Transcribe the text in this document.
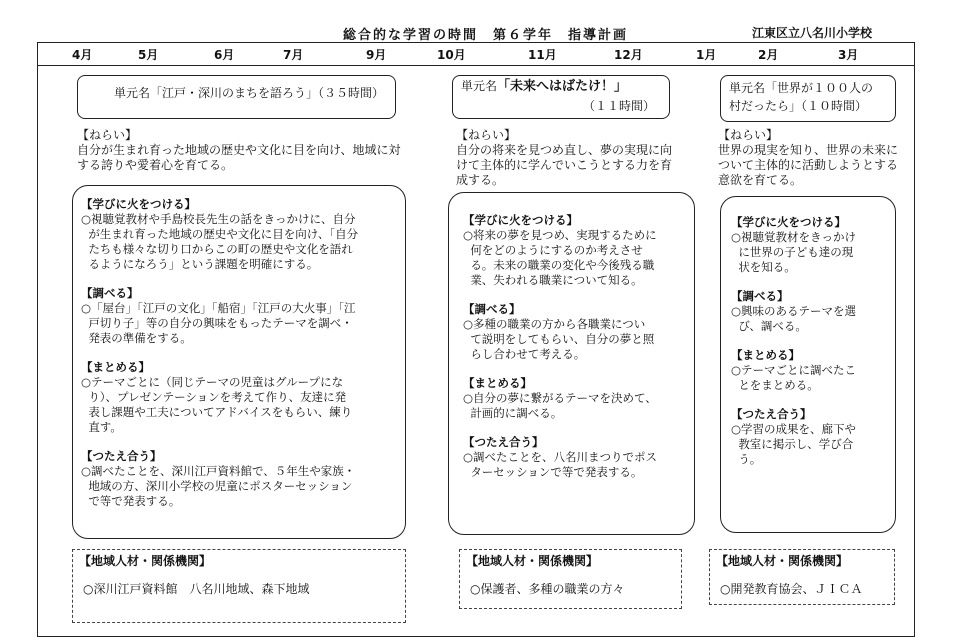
総合的な学習の時間　第６学年　指導計画	江東区立八名川小学校
4月	5月	6月	7月	9月	10月	11月	12月	1月	2月	3月
単元名「江戸・深川のまちを語ろう」（３５時間）
【ねらい】
自分が生まれ育った地域の歴史や文化に目を向け、地域に対する誇りや愛着心を育てる。
【学びに火をつける】
○視聴覚教材や手島校長先生の話をきっかけに、自分
が生まれ育った地域の歴史や文化に目を向け、｢自分
たちも様々な切り口からこの町の歴史や文化を語れ
るようになろう」という課題を明確にする。
【調べる】
○「屋台」「江戸の文化」「船宿」「江戸の大火事」「江
戸切り子」等の自分の興味をもったテーマを調べ・
発表の準備をする。
【まとめる】
○テーマごとに（同じテーマの児童はグループにな
り）、プレゼンテーションを考えて作り、友達に発
表し課題や工夫についてアドバイスをもらい、練り
直す。
【つたえ合う】
○調べたことを、深川江戸資料館で、５年生や家族・
地域の方、深川小学校の児童にポスターセッション
で等で発表する。
【地域人材・関係機関】
○深川江戸資料館　八名川地域、森下地域
単元名「未来へはばたけ！」
（１１時間）
【ねらい】
自分の将来を見つめ直し、夢の実現に向けて主体的に学んでいこうとする力を育成する。
【学びに火をつける】
○将来の夢を見つめ、実現するために
何をどのようにするのか考えさせ
る。未来の職業の変化や今後残る職
業、失われる職業について知る。
【調べる】
○多種の職業の方から各職業につい
て説明をしてもらい、自分の夢と照
らし合わせて考える。
【まとめる】
○自分の夢に繋がるテーマを決めて、
計画的に調べる。
【つたえ合う】
○調べたことを、八名川まつりでポス
ターセッションで等で発表する。
【地域人材・関係機関】
○保護者、多種の職業の方々
単元名「世界が１００人の
村だったら」（１０時間）
【ねらい】
世界の現実を知り、世界の未来について主体的に活動しようとする意欲を育てる。
【学びに火をつける】
○視聴覚教材をきっかけ
に世界の子ども達の現
状を知る。
【調べる】
○興味のあるテーマを選
び、調べる。
【まとめる】
○テーマごとに調べたこ
とをまとめる。
【つたえ合う】
○学習の成果を、廊下や
教室に掲示し、学び合
う。
【地域人材・関係機関】
○開発教育協会、ＪＩＣＡ
